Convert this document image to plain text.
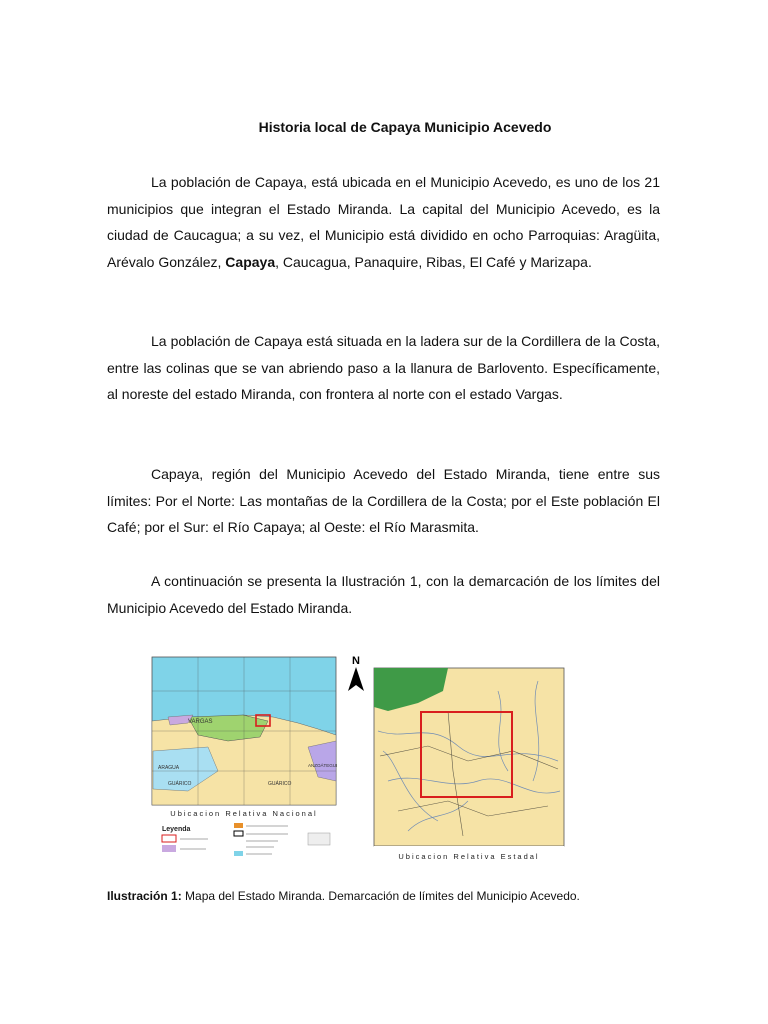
Historia local de Capaya Municipio Acevedo

La población de Capaya, está ubicada en el Municipio Acevedo, es uno de los 21 municipios que integran el Estado Miranda. La capital del Municipio Acevedo, es la ciudad de Caucagua; a su vez, el Municipio está dividido en ocho Parroquias: Aragüita, Arévalo González, Capaya, Caucagua, Panaquire, Ribas, El Café y Marizapa.

La población de Capaya está situada en la ladera sur de la Cordillera de la Costa, entre las colinas que se van abriendo paso a la llanura de Barlovento. Específicamente, al noreste del estado Miranda, con frontera al norte con el estado Vargas.

Capaya, región del Municipio Acevedo del Estado Miranda, tiene entre sus límites: Por el Norte: Las montañas de la Cordillera de la Costa; por el Este población El Café; por el Sur: el Río Capaya; al Oeste: el Río Marasmita.

A continuación se presenta la Ilustración 1, con la demarcación de los límites del Municipio Acevedo del Estado Miranda.

VARGAS
ARAGUA
GUÁRICO	GUÁRICO
ANZOÁTEGUI
Ubicacion Relativa Nacional
Leyenda
N
Ubicacion Relativa Estadal
Ilustración 1: Mapa del Estado Miranda. Demarcación de límites del Municipio Acevedo.
